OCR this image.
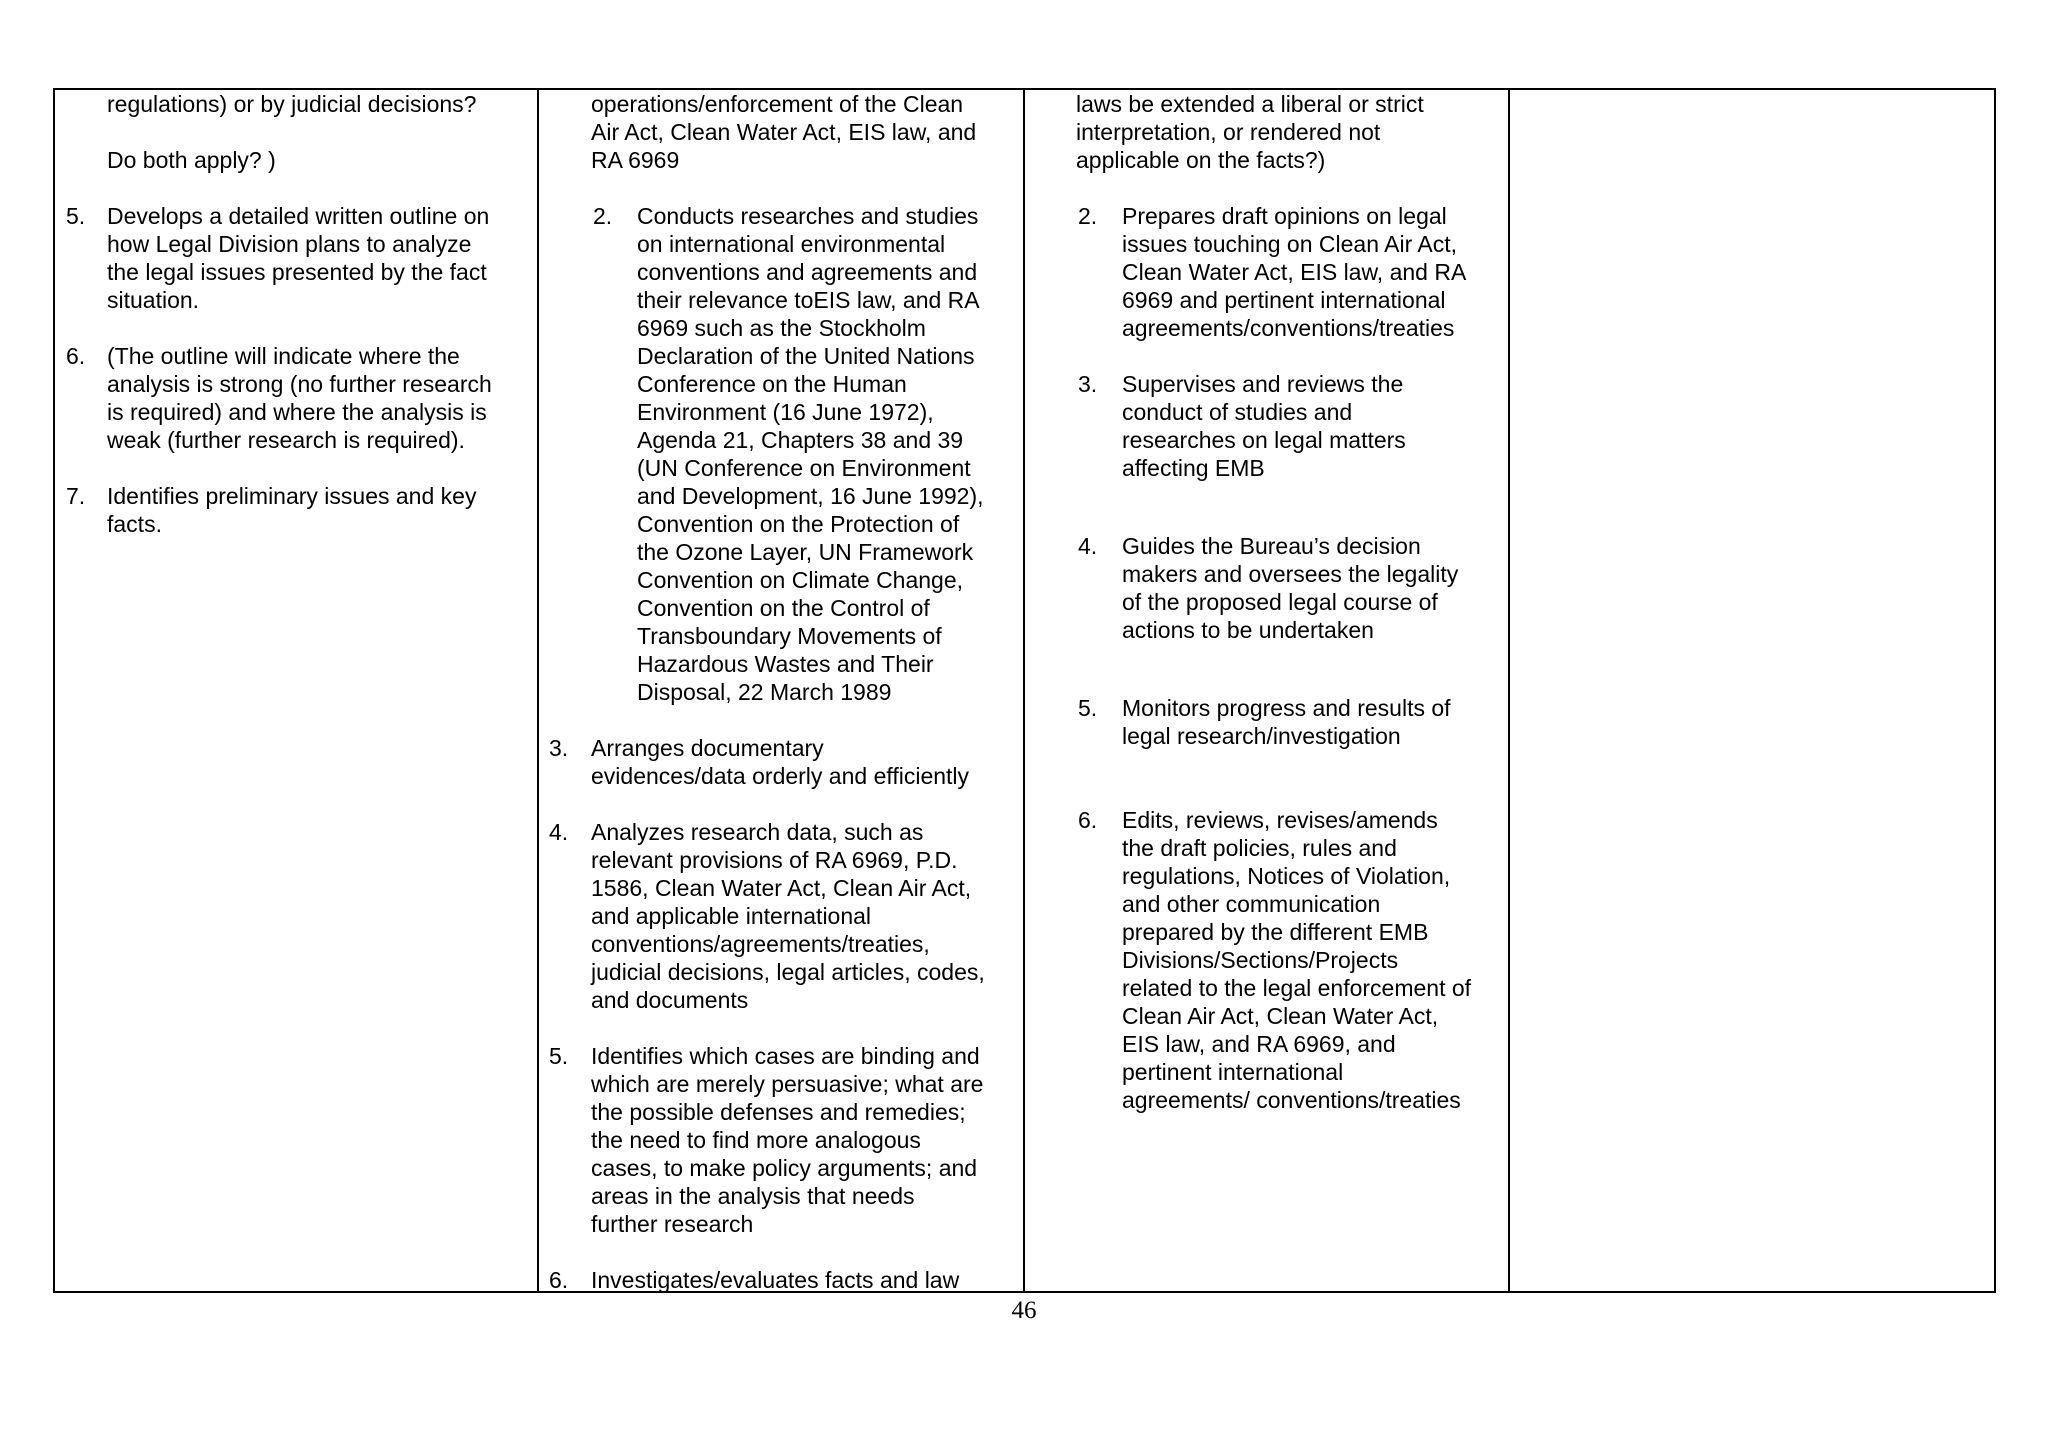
regulations) or by judicial decisions?
Do both apply? )
5. Develops a detailed written outline on
how Legal Division plans to analyze
the legal issues presented by the fact
situation.
6. (The outline will indicate where the
analysis is strong (no further research
is required) and where the analysis is
weak (further research is required).
7. Identifies preliminary issues and key
facts.
operations/enforcement of the Clean
Air Act, Clean Water Act, EIS law, and
RA 6969
2. Conducts researches and studies
on international environmental
conventions and agreements and
their relevance toEIS law, and RA
6969 such as the Stockholm
Declaration of the United Nations
Conference on the Human
Environment (16 June 1972),
Agenda 21, Chapters 38 and 39
(UN Conference on Environment
and Development, 16 June 1992),
Convention on the Protection of
the Ozone Layer, UN Framework
Convention on Climate Change,
Convention on the Control of
Transboundary Movements of
Hazardous Wastes and Their
Disposal, 22 March 1989
3. Arranges documentary
evidences/data orderly and efficiently
4. Analyzes research data, such as
relevant provisions of RA 6969, P.D.
1586, Clean Water Act, Clean Air Act,
and applicable international
conventions/agreements/treaties,
judicial decisions, legal articles, codes,
and documents
5. Identifies which cases are binding and
which are merely persuasive; what are
the possible defenses and remedies;
the need to find more analogous
cases, to make policy arguments; and
areas in the analysis that needs
further research
6. Investigates/evaluates facts and law
laws be extended a liberal or strict
interpretation, or rendered not
applicable on the facts?)
2. Prepares draft opinions on legal
issues touching on Clean Air Act,
Clean Water Act, EIS law, and RA
6969 and pertinent international
agreements/conventions/treaties
3. Supervises and reviews the
conduct of studies and
researches on legal matters
affecting EMB
4. Guides the Bureau’s decision
makers and oversees the legality
of the proposed legal course of
actions to be undertaken
5. Monitors progress and results of
legal research/investigation
6. Edits, reviews, revises/amends
the draft policies, rules and
regulations, Notices of Violation,
and other communication
prepared by the different EMB
Divisions/Sections/Projects
related to the legal enforcement of
Clean Air Act, Clean Water Act,
EIS law, and RA 6969, and
pertinent international
agreements/ conventions/treaties
46
